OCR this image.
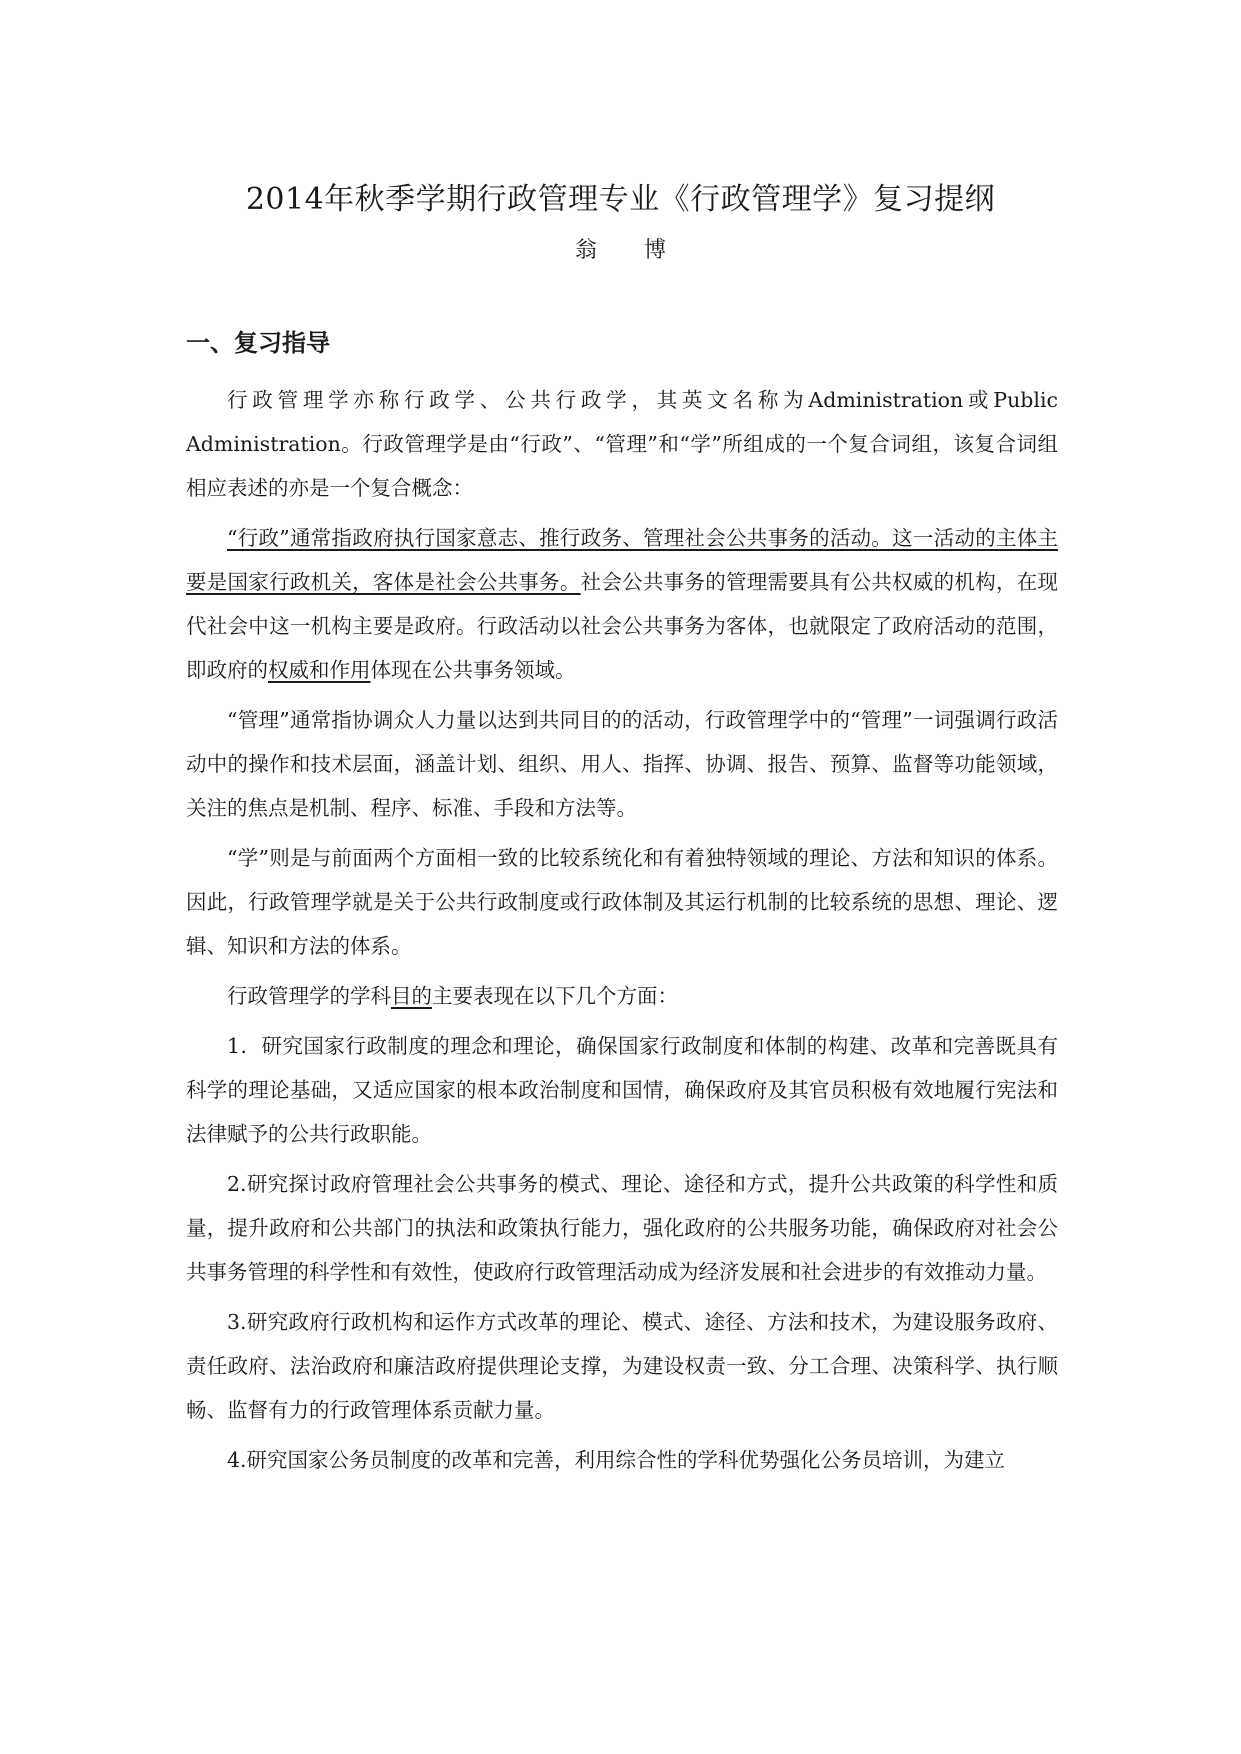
2014年秋季学期行政管理专业《行政管理学》复习提纲
翁 博
一、复习指导

行政管理学亦称行政学、公共行政学，其英文名称为Administration或Public Administration。行政管理学是由“行政”、“管理”和“学”所组成的一个复合词组，该复合词组相应表述的亦是一个复合概念：

“行政”通常指政府执行国家意志、推行政务、管理社会公共事务的活动。这一活动的主体主要是国家行政机关，客体是社会公共事务。社会公共事务的管理需要具有公共权威的机构，在现代社会中这一机构主要是政府。行政活动以社会公共事务为客体，也就限定了政府活动的范围，即政府的权威和作用体现在公共事务领域。

“管理”通常指协调众人力量以达到共同目的的活动，行政管理学中的“管理”一词强调行政活动中的操作和技术层面，涵盖计划、组织、用人、指挥、协调、报告、预算、监督等功能领域，关注的焦点是机制、程序、标准、手段和方法等。

“学”则是与前面两个方面相一致的比较系统化和有着独特领域的理论、方法和知识的体系。因此，行政管理学就是关于公共行政制度或行政体制及其运行机制的比较系统的思想、理论、逻辑、知识和方法的体系。

行政管理学的学科目的主要表现在以下几个方面：

1．研究国家行政制度的理念和理论，确保国家行政制度和体制的构建、改革和完善既具有科学的理论基础，又适应国家的根本政治制度和国情，确保政府及其官员积极有效地履行宪法和法律赋予的公共行政职能。

2.研究探讨政府管理社会公共事务的模式、理论、途径和方式，提升公共政策的科学性和质量，提升政府和公共部门的执法和政策执行能力，强化政府的公共服务功能，确保政府对社会公共事务管理的科学性和有效性，使政府行政管理活动成为经济发展和社会进步的有效推动力量。

3.研究政府行政机构和运作方式改革的理论、模式、途径、方法和技术，为建设服务政府、责任政府、法治政府和廉洁政府提供理论支撑，为建设权责一致、分工合理、决策科学、执行顺畅、监督有力的行政管理体系贡献力量。

4.研究国家公务员制度的改革和完善，利用综合性的学科优势强化公务员培训，为建立
